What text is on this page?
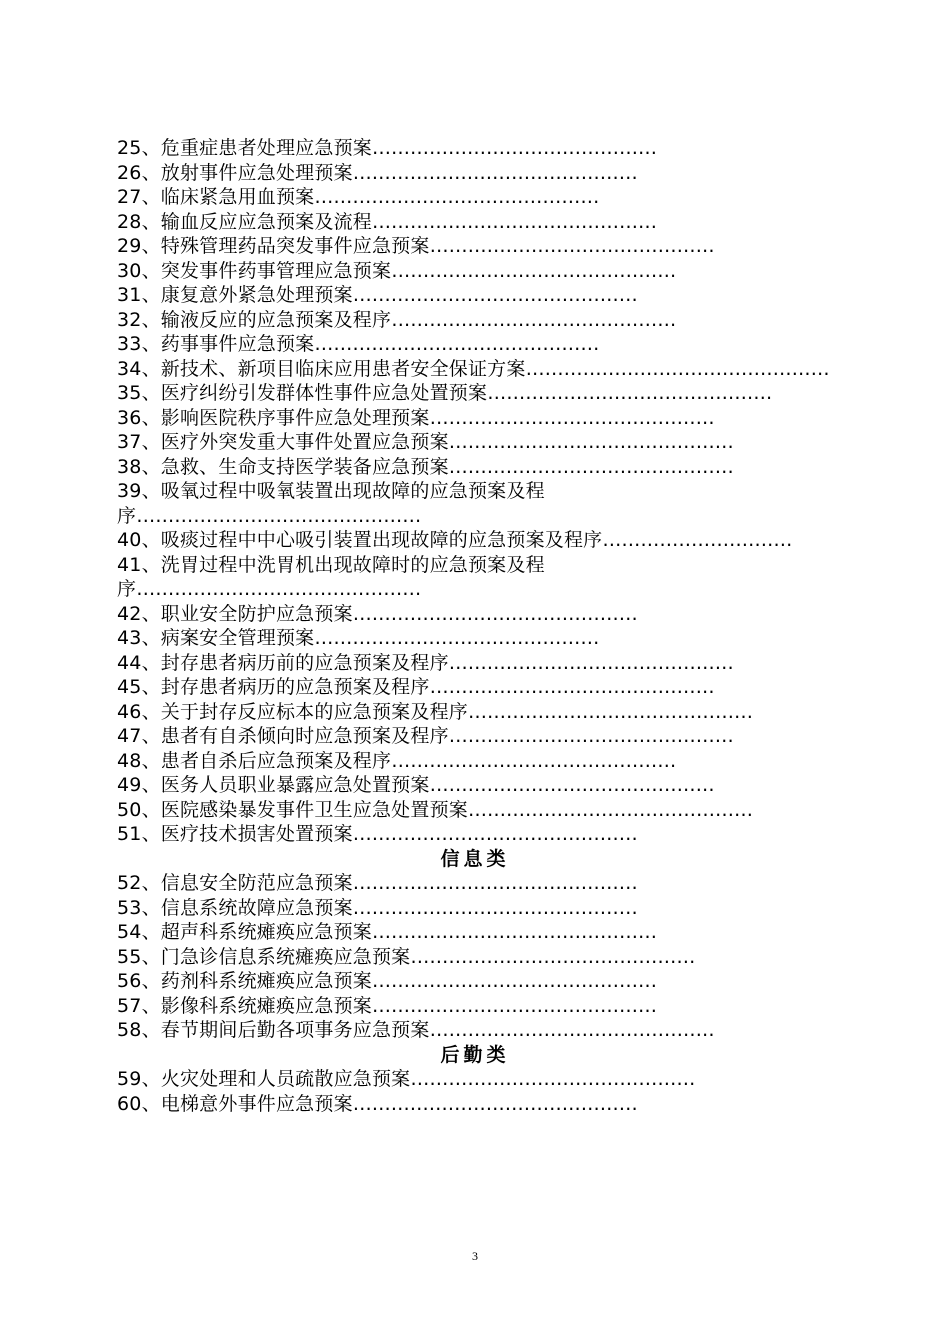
25、危重症患者处理应急预案………………………………………
26、放射事件应急处理预案………………………………………
27、临床紧急用血预案………………………………………
28、输血反应应急预案及流程………………………………………
29、特殊管理药品突发事件应急预案………………………………………
30、突发事件药事管理应急预案………………………………………
31、康复意外紧急处理预案………………………………………
32、输液反应的应急预案及程序………………………………………
33、药事事件应急预案………………………………………
34、新技术、新项目临床应用患者安全保证方案…………………………………………
35、医疗纠纷引发群体性事件应急处置预案………………………………………
36、影响医院秩序事件应急处理预案………………………………………
37、医疗外突发重大事件处置应急预案………………………………………
38、急救、生命支持医学装备应急预案………………………………………
39、吸氧过程中吸氧装置出现故障的应急预案及程序………………………………………
40、吸痰过程中中心吸引装置出现故障的应急预案及程序…………………………
41、洗胃过程中洗胃机出现故障时的应急预案及程序………………………………………
42、职业安全防护应急预案………………………………………
43、病案安全管理预案………………………………………
44、封存患者病历前的应急预案及程序………………………………………
45、封存患者病历的应急预案及程序………………………………………
46、关于封存反应标本的应急预案及程序………………………………………
47、患者有自杀倾向时应急预案及程序………………………………………
48、患者自杀后应急预案及程序………………………………………
49、医务人员职业暴露应急处置预案………………………………………
50、医院感染暴发事件卫生应急处置预案………………………………………
51、医疗技术损害处置预案………………………………………
信息类
52、信息安全防范应急预案………………………………………
53、信息系统故障应急预案………………………………………
54、超声科系统瘫痪应急预案………………………………………
55、门急诊信息系统瘫痪应急预案………………………………………
56、药剂科系统瘫痪应急预案………………………………………
57、影像科系统瘫痪应急预案………………………………………
58、春节期间后勤各项事务应急预案………………………………………
后勤类
59、火灾处理和人员疏散应急预案………………………………………
60、电梯意外事件应急预案………………………………………
3
